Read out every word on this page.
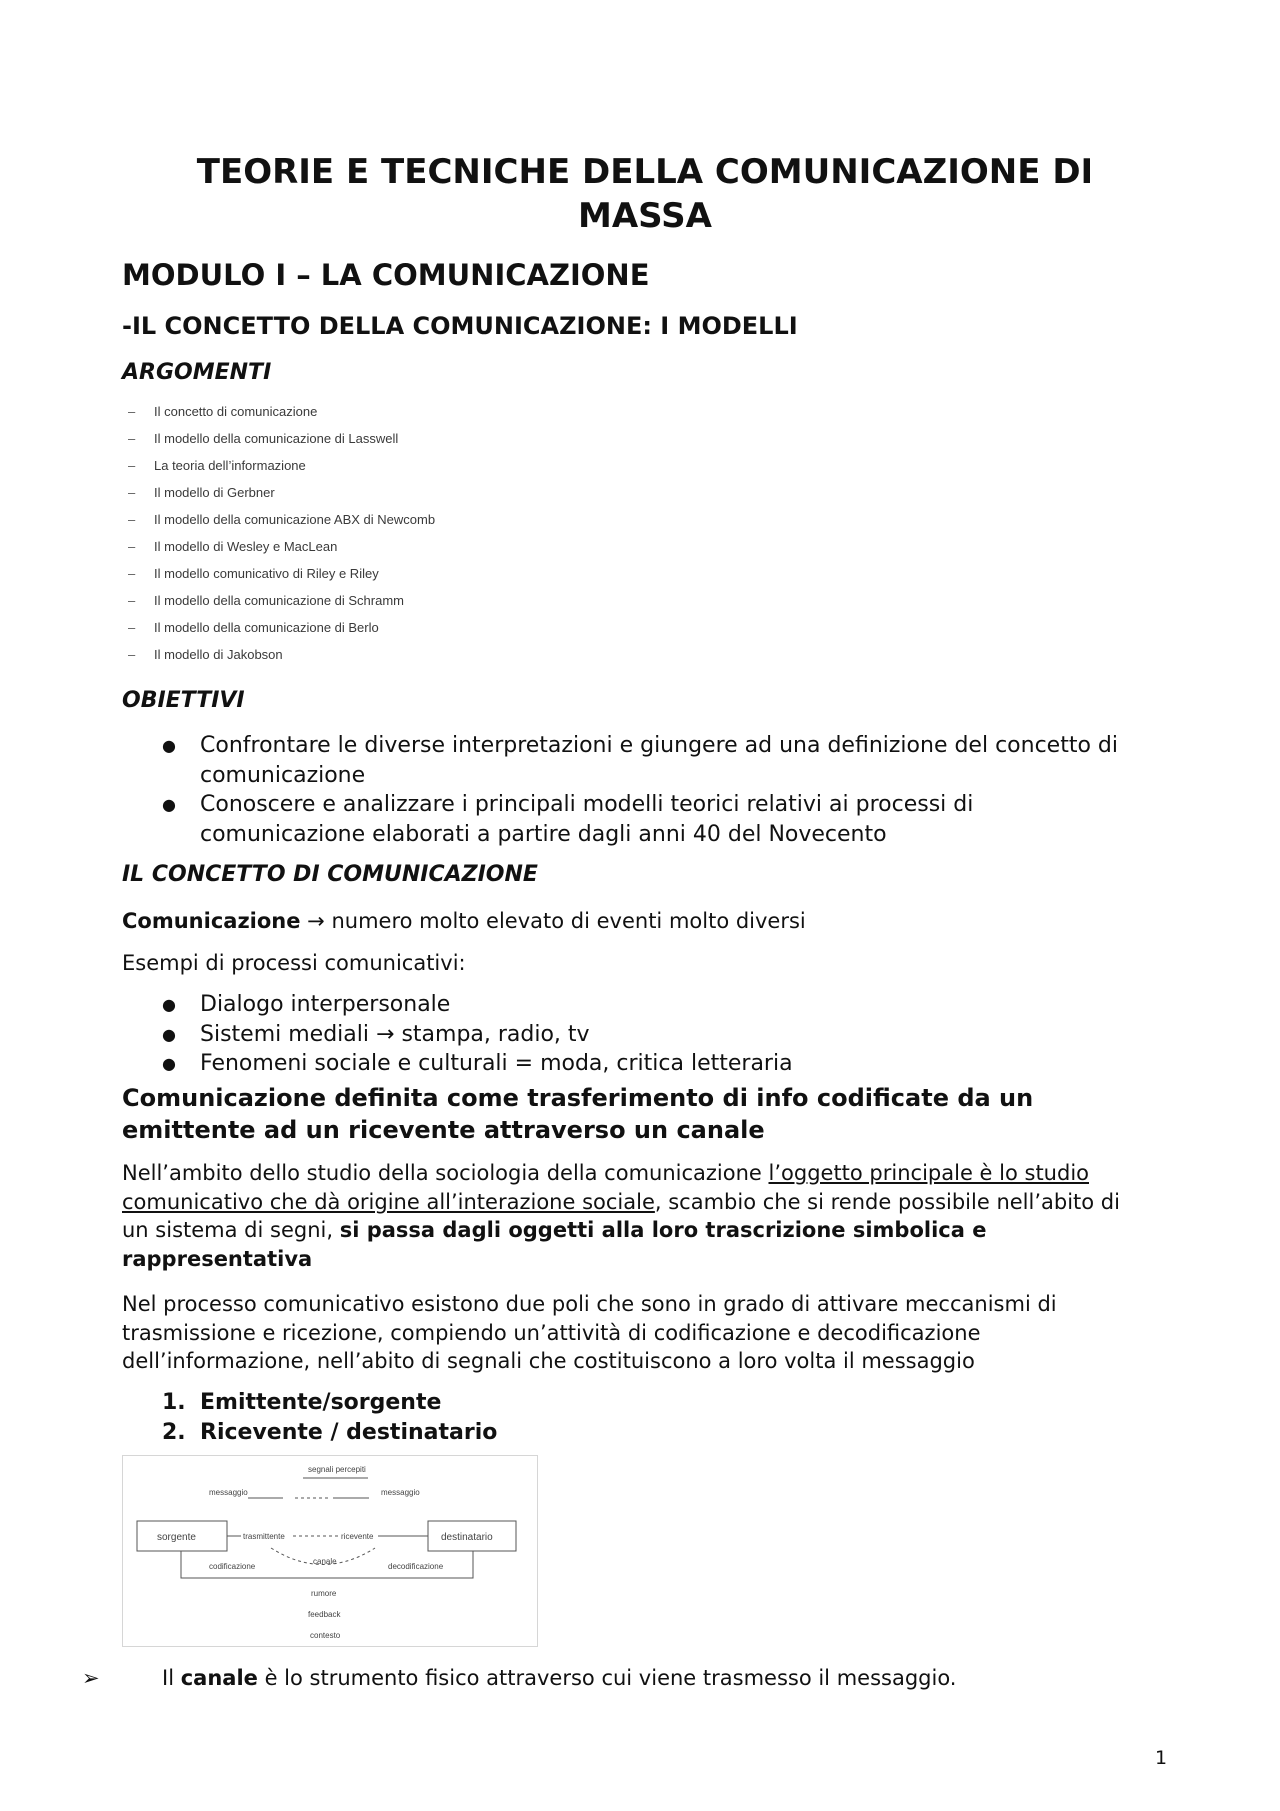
TEORIE E TECNICHE DELLA COMUNICAZIONE DI MASSA
MODULO I – LA COMUNICAZIONE
-IL CONCETTO DELLA COMUNICAZIONE: I MODELLI
ARGOMENTI
– Il concetto di comunicazione
– Il modello della comunicazione di Lasswell
– La teoria dell’informazione
– Il modello di Gerbner
– Il modello della comunicazione ABX di Newcomb
– Il modello di Wesley e MacLean
– Il modello comunicativo di Riley e Riley
– Il modello della comunicazione di Schramm
– Il modello della comunicazione di Berlo
– Il modello di Jakobson
OBIETTIVI
● Confrontare le diverse interpretazioni e giungere ad una definizione del concetto di comunicazione
● Conoscere e analizzare i principali modelli teorici relativi ai processi di comunicazione elaborati a partire dagli anni 40 del Novecento
IL CONCETTO DI COMUNICAZIONE

Comunicazione → numero molto elevato di eventi molto diversi

Esempi di processi comunicativi:

● Dialogo interpersonale
● Sistemi mediali → stampa, radio, tv
● Fenomeni sociale e culturali = moda, critica letteraria

Comunicazione definita come trasferimento di info codificate da un emittente ad un ricevente attraverso un canale

Nell’ambito dello studio della sociologia della comunicazione l’oggetto principale è lo studio comunicativo che dà origine all’interazione sociale, scambio che si rende possibile nell’abito di un sistema di segni, si passa dagli oggetti alla loro trascrizione simbolica e rappresentativa

Nel processo comunicativo esistono due poli che sono in grado di attivare meccanismi di trasmissione e ricezione, compiendo un’attività di codificazione e decodificazione dell’informazione, nell’abito di segnali che costituiscono a loro volta il messaggio

1. Emittente/sorgente
2. Ricevente / destinatario
segnali percepiti
messaggio	messaggio
sorgente	trasmittente	ricevente	destinatario
canale
codificazione	decodificazione
rumore
feedback
contesto

➢	Il canale è lo strumento fisico attraverso cui viene trasmesso il messaggio.

1
